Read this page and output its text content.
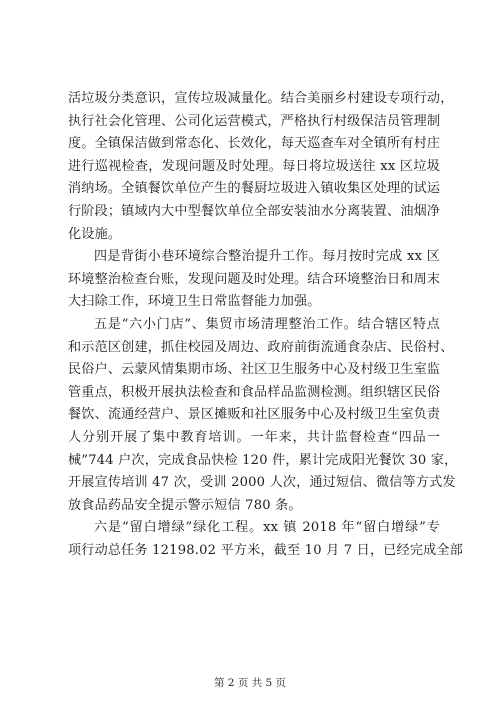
活垃圾分类意识，宣传垃圾减量化。结合美丽乡村建设专项行动，
执行社会化管理、公司化运营模式，严格执行村级保洁员管理制
度。全镇保洁做到常态化、长效化，每天巡查车对全镇所有村庄
进行巡视检查，发现问题及时处理。每日将垃圾送往 xx 区垃圾
消纳场。全镇餐饮单位产生的餐厨垃圾进入镇收集区处理的试运
行阶段；镇域内大中型餐饮单位全部安装油水分离装置、油烟净
化设施。
四是背街小巷环境综合整治提升工作。每月按时完成 xx 区
环境整治检查台账，发现问题及时处理。结合环境整治日和周末
大扫除工作，环境卫生日常监督能力加强。
五是“六小门店”、集贸市场清理整治工作。结合辖区特点
和示范区创建，抓住校园及周边、政府前街流通食杂店、民俗村、
民俗户、云蒙风情集期市场、社区卫生服务中心及村级卫生室监
管重点，积极开展执法检查和食品样品监测检测。组织辖区民俗
餐饮、流通经营户、景区摊贩和社区服务中心及村级卫生室负责
人分别开展了集中教育培训。一年来，共计监督检查“四品一
械”744 户次，完成食品快检 120 件，累计完成阳光餐饮 30 家，
开展宣传培训 47 次，受训 2000 人次，通过短信、微信等方式发
放食品药品安全提示警示短信 780 条。
六是“留白增绿”绿化工程。xx 镇 2018 年“留白增绿”专
项行动总任务 12198.02 平方米，截至 10 月 7 日，已经完成全部
第 2 页 共 5 页
